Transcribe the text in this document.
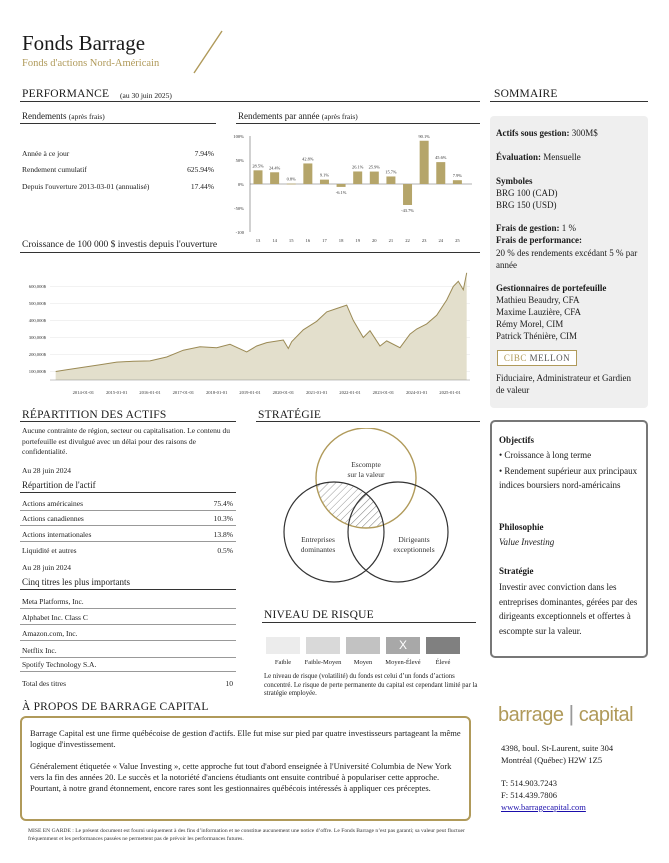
Fonds Barrage
Fonds d'actions Nord-Américain
PERFORMANCE (au 30 juin 2025)
Rendements (après frais)
Année à ce jour	7.94%
Rendement cumulatif	625.94%
Depuis l'ouverture 2013-03-01 (annualisé)	17.44%
Rendements par année (après frais)
100%
50%
0%
-50%
-100
28.5%
13
24.4%
14
0.8%
15
42.8%
16
9.1%
17
-6.1%
18
26.1%
19
25.9%
20
15.7%
21
-43.7%
22
90.1%
23
45.6%
24
7.9%
25
Croissance de 100 000 $ investis depuis l'ouverture
100,000$
200,000$
300,000$
400,000$
500,000$
600,000$
2014-01-01	2015-01-01	2016-01-01	2017-01-01	2018-01-01	2019-01-01	2020-01-01	2021-01-01	2022-01-01	2023-01-01	2024-01-01	2025-01-01
RÉPARTITION DES ACTIFS
Aucune contrainte de région, secteur ou capitalisation. Le contenu du portefeuille est divulgué avec un délai pour des raisons de confidentialité.
Au 28 juin 2024
Répartition de l'actif
Actions américaines	75.4%
Actions canadiennes	10.3%
Actions internationales	13.8%
Liquidité et autres	0.5%
Au 28 juin 2024
Cinq titres les plus importants
Meta Platforms, Inc.
Alphabet Inc. Class C
Amazon.com, Inc.
Netflix Inc.
Spotify Technology S.A.
Total des titres	10
STRATÉGIE
Escompte
sur la valeur
Entreprises
dominantes
Dirigeants
exceptionnels
NIVEAU DE RISQUE
X
Faible	Faible-Moyen	Moyen	Moyen-Élevé	Élevé
Le niveau de risque (volatilité) du fonds est celui d’un fonds d’actions concentré. Le risque de perte permanente du capital est cependant limité par la stratégie employée.
SOMMAIRE
Actifs sous gestion: 300M$
Évaluation: Mensuelle
Symboles
BRG 100 (CAD)
BRG 150 (USD)
Frais de gestion: 1 %
Frais de performance:
20 % des rendements excédant 5 % par année
Gestionnaires de portefeuille
Mathieu Beaudry, CFA
Maxime Lauzière, CFA
Rémy Morel, CIM
Patrick Thénière, CIM
CIBC MELLON
Fiduciaire, Administrateur et Gardien de valeur
Objectifs
• Croissance à long terme
• Rendement supérieur aux principaux indices boursiers nord-américains
Philosophie
Value Investing
Stratégie
Investir avec conviction dans les entreprises dominantes, gérées par des dirigeants exceptionnels et offertes à escompte sur la valeur.
À PROPOS DE BARRAGE CAPITAL
Barrage Capital est une firme québécoise de gestion d'actifs. Elle fut mise sur pied par quatre investisseurs partageant la même logique d'investissement.
Généralement étiquetée « Value Investing », cette approche fut tout d'abord enseignée à l'Université Columbia de New York vers la fin des années 20. Le succès et la notoriété d'anciens étudiants ont ensuite contribué à populariser cette approche. Pourtant, à notre grand étonnement, encore rares sont les gestionnaires québécois intéressés à appliquer ces préceptes.
barrage | capital
4398, boul. St-Laurent, suite 304
Montréal (Québec) H2W 1Z5
T: 514.903.7243
F: 514.439.7806
www.barragecapital.com
MISE EN GARDE : Le présent document est fourni uniquement à des fins d’information et ne constitue aucunement une notice d’offre. Le Fonds Barrage n’est pas garanti; sa valeur peut fluctuer fréquemment et les performances passées ne permettent pas de prévoir les performances futures.
